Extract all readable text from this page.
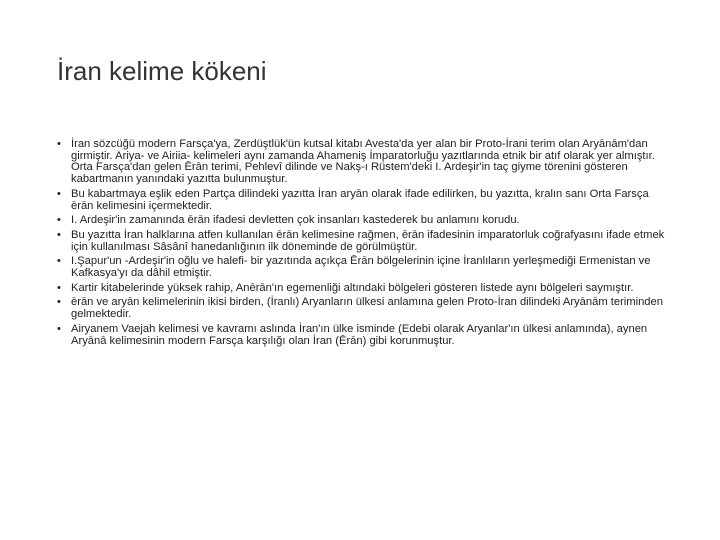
İran kelime kökeni
• İran sözcüğü modern Farsça'ya, Zerdüştlük'ün kutsal kitabı Avesta'da yer alan bir Proto-İrani terim olan Aryānām'dan girmiştir. Ariya- ve Airiia- kelimeleri aynı zamanda Ahameniş İmparatorluğu yazıtlarında etnik bir atıf olarak yer almıştır. Orta Farsça'dan gelen Ērān terimi, Pehlevî dilinde ve Nakş-ı Rüstem'deki I. Ardeşir'in taç giyme törenini gösteren kabartmanın yanındaki yazıtta bulunmuştur.
• Bu kabartmaya eşlik eden Partça dilindeki yazıtta İran aryān olarak ifade edilirken, bu yazıtta, kralın sanı Orta Farsça ērān kelimesini içermektedir.
• I. Ardeşir'in zamanında ērān ifadesi devletten çok insanları kastederek bu anlamını korudu.
• Bu yazıtta İran halklarına atfen kullanılan ērān kelimesine rağmen, ērān ifadesinin imparatorluk coğrafyasını ifade etmek için kullanılması Sâsânî hanedanlığının ilk döneminde de görülmüştür.
• I.Şapur'un -Ardeşir'in oğlu ve halefi- bir yazıtında açıkça Ērān bölgelerinin içine İranlıların yerleşmediği Ermenistan ve Kafkasya'yı da dâhil etmiştir.
• Kartir kitabelerinde yüksek rahip, Anērān'ın egemenliği altındaki bölgeleri gösteren listede aynı bölgeleri saymıştır.
• ērān ve aryān kelimelerinin ikisi birden, (İranlı) Aryanların ülkesi anlamına gelen Proto-İran dilindeki Aryānām teriminden gelmektedir.
• Airyanem Vaejah kelimesi ve kavramı aslında İran'ın ülke isminde (Edebi olarak Aryanlar'ın ülkesi anlamında), aynen Aryānā kelimesinin modern Farsça karşılığı olan İran (Ērān) gibi korunmuştur.
